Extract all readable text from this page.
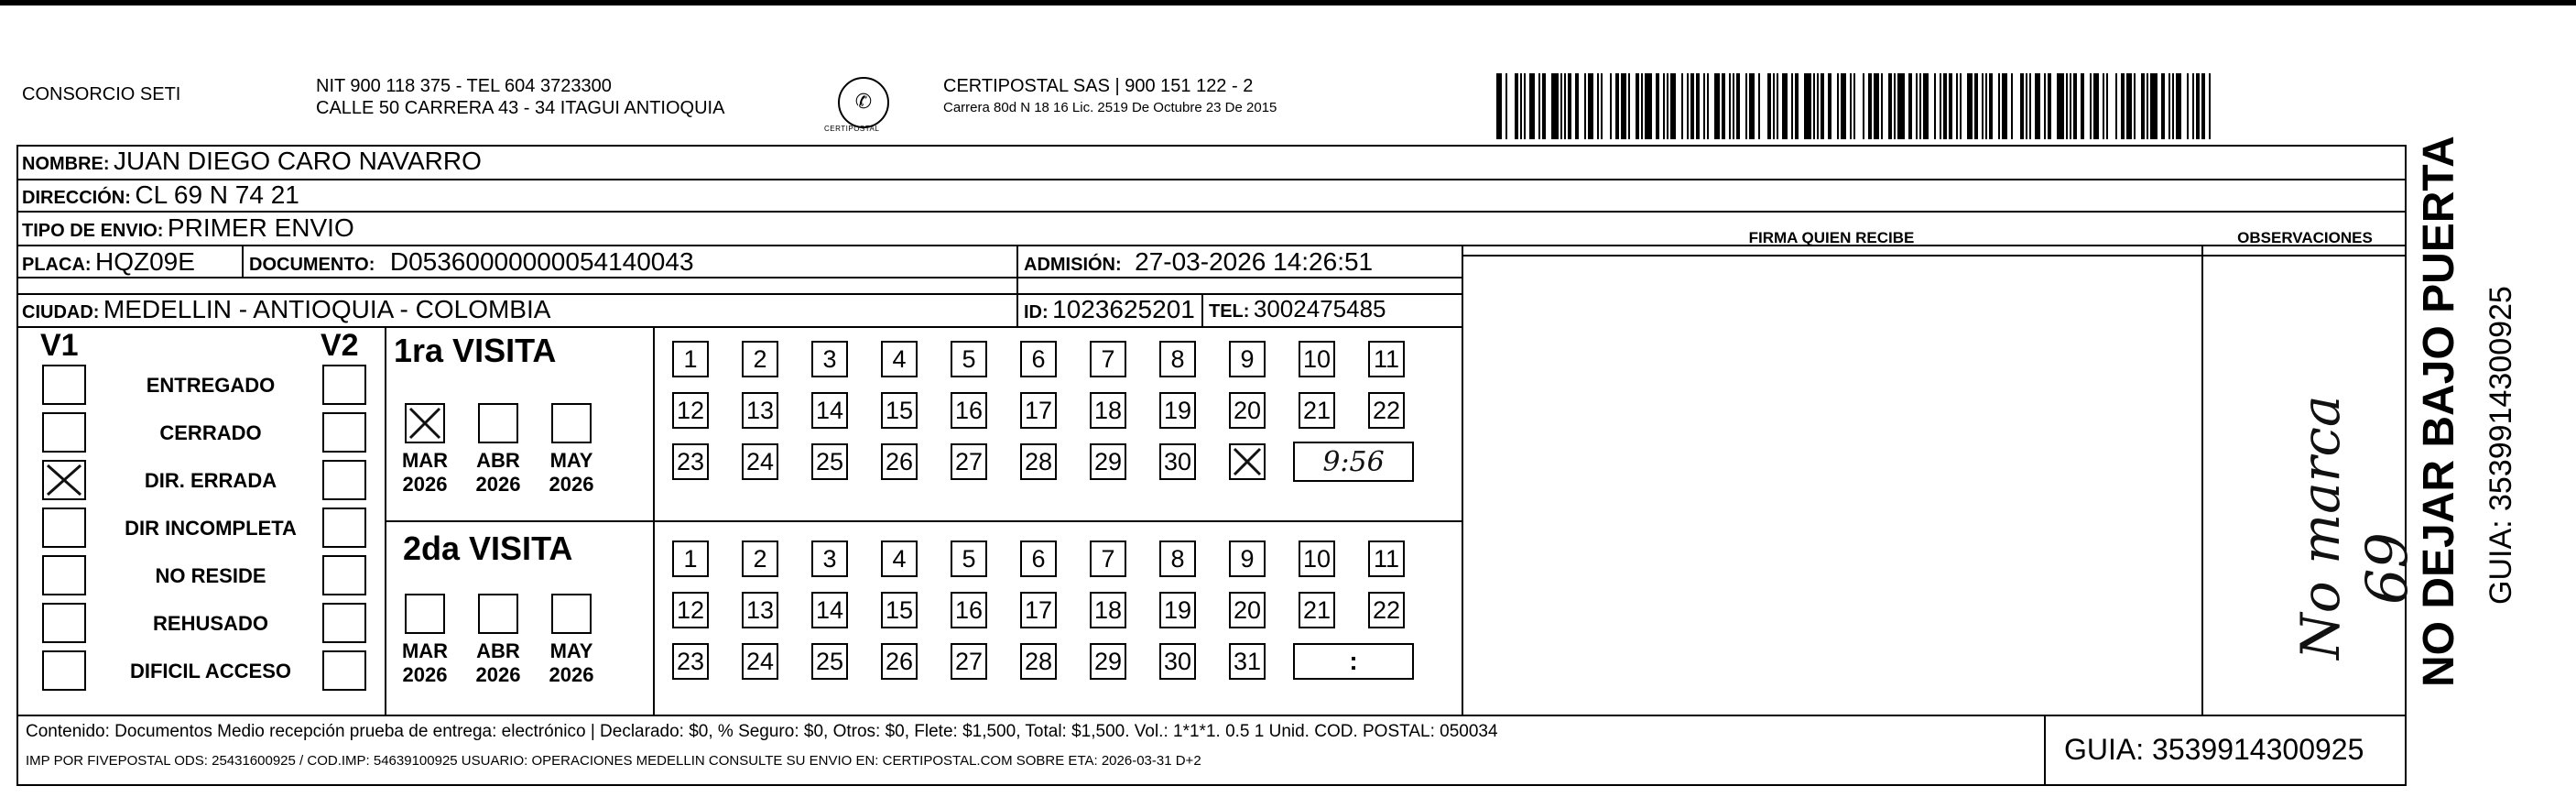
CONSORCIO SETI	NIT 900 118 375 - TEL 604 3723300
CALLE 50 CARRERA 43 - 34 ITAGUI ANTIOQUIA	✆
CERTIPOSTAL
CERTIPOSTAL SAS | 900 151 122 - 2
Carrera 80d N 18 16 Lic. 2519 De Octubre 23 De 2015
NOMBRE: JUAN DIEGO CARO NAVARRO
DIRECCIÓN: CL 69 N 74 21
TIPO DE ENVIO: PRIMER ENVIO
PLACA: HQZ09E	DOCUMENTO: D05360000000054140043	ADMISIÓN: 27-03-2026 14:26:51
CIUDAD: MEDELLIN - ANTIOQUIA - COLOMBIA	ID: 1023625201 TEL: 3002475485
FIRMA QUIEN RECIBE	OBSERVACIONES
V1	V2
ENTREGADO
CERRADO
DIR. ERRADA
DIR INCOMPLETA
NO RESIDE
REHUSADO
DIFICIL ACCESO
1ra VISITA
MAR
2026
ABR
2026
MAY
2026
1	2	3	4	5	6	7	8	9	10 11
12 13 14 15 16 17 18 19 20 21 22
23 24 25 26 27 28 29 30	9:56
2da VISITA
MAR
2026
ABR
2026
MAY
2026
1	2	3	4	5	6	7	8	9	10 11
12 13 14 15 16 17 18 19 20 21 22
23 24 25 26 27 28 29 30 31	:
No marca 69
Contenido: Documentos Medio recepción prueba de entrega: electrónico | Declarado: $0, % Seguro: $0, Otros: $0, Flete: $1,500, Total: $1,500. Vol.: 1*1*1. 0.5 1 Unid. COD. POSTAL: 050034
IMP POR FIVEPOSTAL ODS: 25431600925 / COD.IMP: 54639100925 USUARIO: OPERACIONES MEDELLIN CONSULTE SU ENVIO EN: CERTIPOSTAL.COM SOBRE ETA: 2026-03-31 D+2	GUIA: 3539914300925
NO DEJAR BAJO PUERTA GUIA: 3539914300925
